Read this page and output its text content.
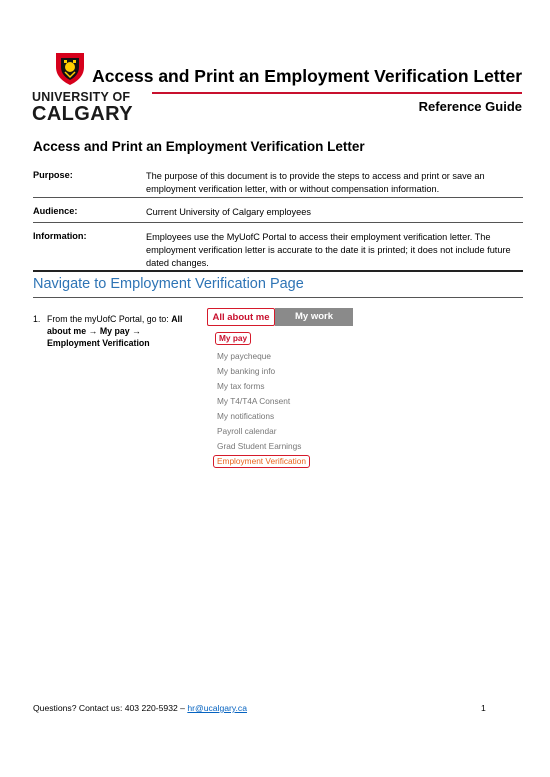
UNIVERSITY OF
CALGARY
Access and Print an Employment Verification Letter
Reference Guide
Access and Print an Employment Verification Letter
Purpose:	The purpose of this document is to provide the steps to access and print or save an employment verification letter, with or without compensation information.
Audience:	Current University of Calgary employees
Information:	Employees use the MyUofC Portal to access their employment verification letter. The employment verification letter is accurate to the date it is printed; it does not include future dated changes.
Navigate to Employment Verification Page
1. From the myUofC Portal, go to: All about me → My pay →
Employment Verification
All about me	My work
My pay
My paycheque
My banking info
My tax forms
My T4/T4A Consent
My notifications
Payroll calendar
Grad Student Earnings
Employment Verification
Questions? Contact us: 403 220-5932 – hr@ucalgary.ca	1
